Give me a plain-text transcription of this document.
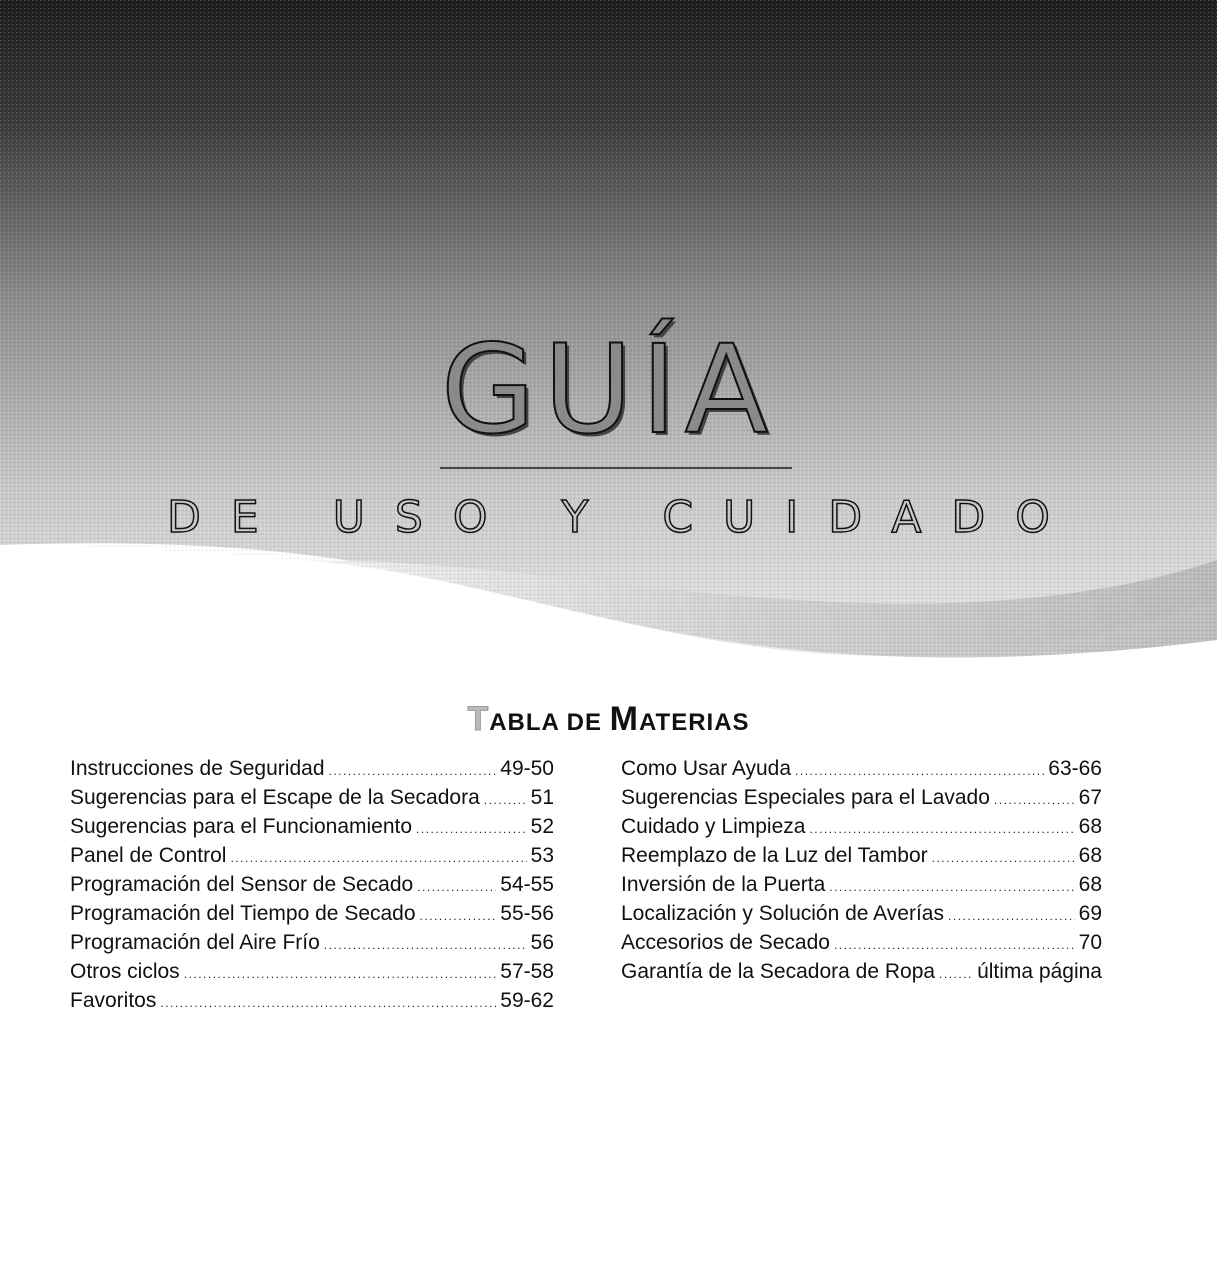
GUÍA
DE USO Y CUIDADO
TABLA DE MATERIAS
Instrucciones de Seguridad .....	49-50
Sugerencias para el Escape de la Secadora ..... 51
Sugerencias para el Funcionamiento .....	52
Panel de Control .....	53
Programación del Sensor de Secado .....	54-55
Programación del Tiempo de Secado .....	55-56
Programación del Aire Frío .....	56
Otros ciclos .....	57-58
Favoritos .....	59-62
Como Usar Ayuda .....	63-66
Sugerencias Especiales para el Lavado .....	67
Cuidado y Limpieza .....	68
Reemplazo de la Luz del Tambor .....	68
Inversión de la Puerta .....	68
Localización y Solución de Averías .....	69
Accesorios de Secado .....	70
Garantía de la Secadora de Ropa ..... última página
